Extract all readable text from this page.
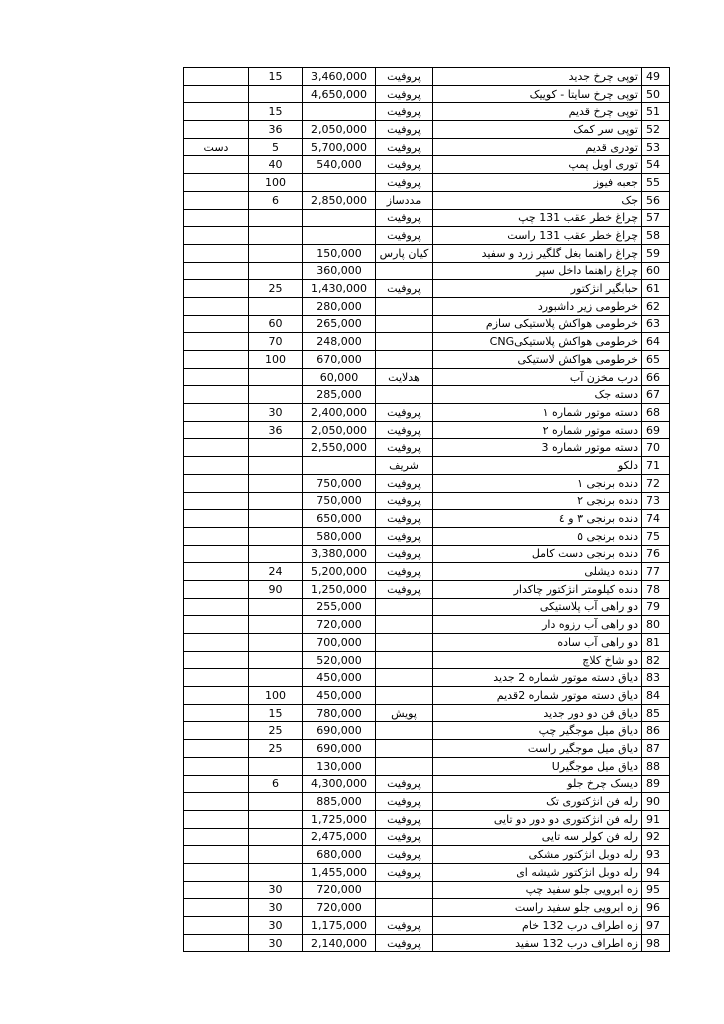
	15	3,460,000	پروفیت	توپی چرخ جدید	49
		4,650,000	پروفیت	توپی چرخ سایتا - کوییک	50
	15		پروفیت	توپی چرخ قدیم	51
	36	2,050,000	پروفیت	توپی سر کمک	52
دست	5	5,700,000	پروفیت	تودری قدیم	53
	40	540,000	پروفیت	توری اویل پمپ	54
	100		پروفیت	جعبه فیوز	55
	6	2,850,000	مددساز	جک	56
			پروفیت	چراغ خطر عقب 131 چپ	57
			پروفیت	چراغ خطر عقب 131 راست	58
		150,000	کیان پارس	چراغ راهنما بغل گلگیر زرد و سفید	59
		360,000		چراغ راهنما داخل سپر	60
	25	1,430,000	پروفیت	حبابگیر انژکتور	61
		280,000		خرطومی زیر داشبورد	62
	60	265,000		خرطومی هواکش پلاستیکی سازم	63
	70	248,000		خرطومی هواکش پلاستیکیCNG	64
	100	670,000		خرطومی هواکش لاستیکی	65
		60,000	هدلایت	درب مخزن آب	66
		285,000		دسته جک	67
	30	2,400,000	پروفیت	دسته موتور شماره ۱	68
	36	2,050,000	پروفیت	دسته موتور شماره ۲	69
		2,550,000	پروفیت	دسته موتور شماره 3	70
			شریف	دلکو	71
		750,000	پروفیت	دنده برنجی ۱	72
		750,000	پروفیت	دنده برنجی ۲	73
		650,000	پروفیت	دنده برنجی ۳ و ٤	74
		580,000	پروفیت	دنده برنجی ٥	75
		3,380,000	پروفیت	دنده برنجی دست کامل	76
	24	5,200,000	پروفیت	دنده دیشلی	77
	90	1,250,000	پروفیت	دنده کیلومتر انژکتور چاکدار	78
		255,000		دو راهی آب پلاستیکی	79
		720,000		دو راهی آب رزوه دار	80
		700,000		دو راهی آب ساده	81
		520,000		دو شاخ کلاچ	82
		450,000		دیاق دسته موتور شماره 2 جدید	83
	100	450,000		دیاق دسته موتور شماره 2قدیم	84
	15	780,000	پویش	دیاق فن دو دور جدید	85
	25	690,000		دیاق میل موجگیر چپ	86
	25	690,000		دیاق میل موجگیر راست	87
		130,000		دیاق میل موجگیرU	88
	6	4,300,000	پروفیت	دیسک چرخ جلو	89
		885,000	پروفیت	رله فن انژکتوری تک	90
		1,725,000	پروفیت	رله فن انژکتوری دو دور دو تایی	91
		2,475,000	پروفیت	رله فن کولر سه تایی	92
		680,000	پروفیت	رله دوبل انژکتور مشکی	93
		1,455,000	پروفیت	رله دوبل انژکتور شیشه ای	94
	30	720,000		زه ابرویی جلو سفید چپ	95
	30	720,000		زه ابرویی جلو سفید راست	96
	30	1,175,000	پروفیت	زه اطراف درب 132 خام	97
	30	2,140,000	پروفیت	زه اطراف درب 132 سفید	98
